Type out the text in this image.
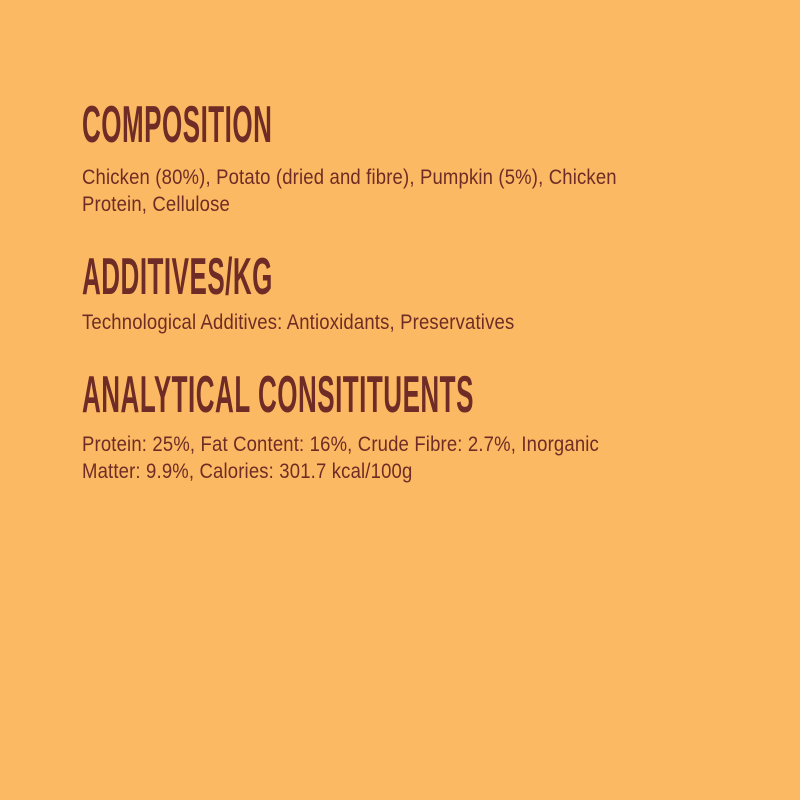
COMPOSITION
Chicken (80%), Potato (dried and fibre), Pumpkin (5%), Chicken
Protein, Cellulose
ADDITIVES/KG
Technological Additives: Antioxidants, Preservatives
ANALYTICAL CONSITITUENTS
Protein: 25%, Fat Content: 16%, Crude Fibre: 2.7%, Inorganic
Matter: 9.9%, Calories: 301.7 kcal/100g
